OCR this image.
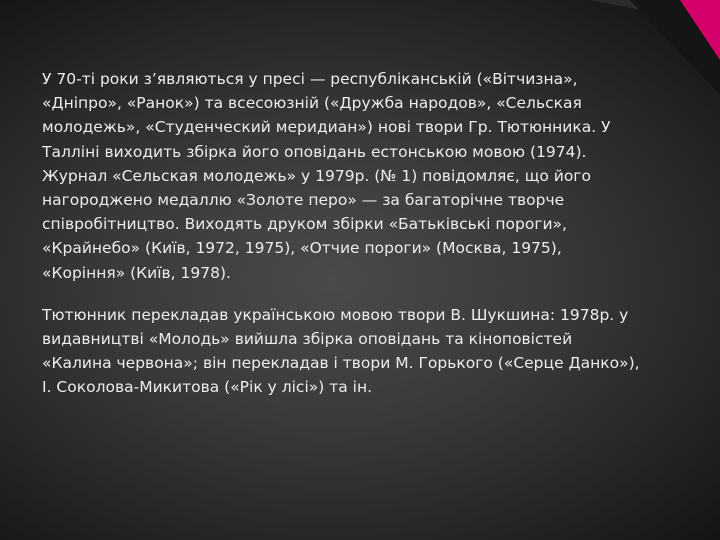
У 70-ті роки з’являються у пресі — республіканській («Вітчизна», «Дніпро», «Ранок») та всесоюзній («Дружба народов», «Сельская молодежь», «Студенческий меридиан») нові твори Гр. Тютюнника. У Талліні виходить збірка його оповідань естонською мовою (1974). Журнал «Сельская молодежь» у 1979р. (№ 1) повідомляє, що його нагороджено медаллю «Золоте перо» — за багаторічне творче співробітництво. Виходять друком збірки «Батьківські пороги», «Крайнебо» (Київ, 1972, 1975), «Отчие пороги» (Москва, 1975), «Коріння» (Київ, 1978).

Тютюнник перекладав українською мовою твори В. Шукшина: 1978р. у видавництві «Молодь» вийшла збірка оповідань та кіноповістей «Калина червона»; він перекладав і твори М. Горького («Серце Данко»), І. Соколова-Микитова («Рік у лісі») та ін.
